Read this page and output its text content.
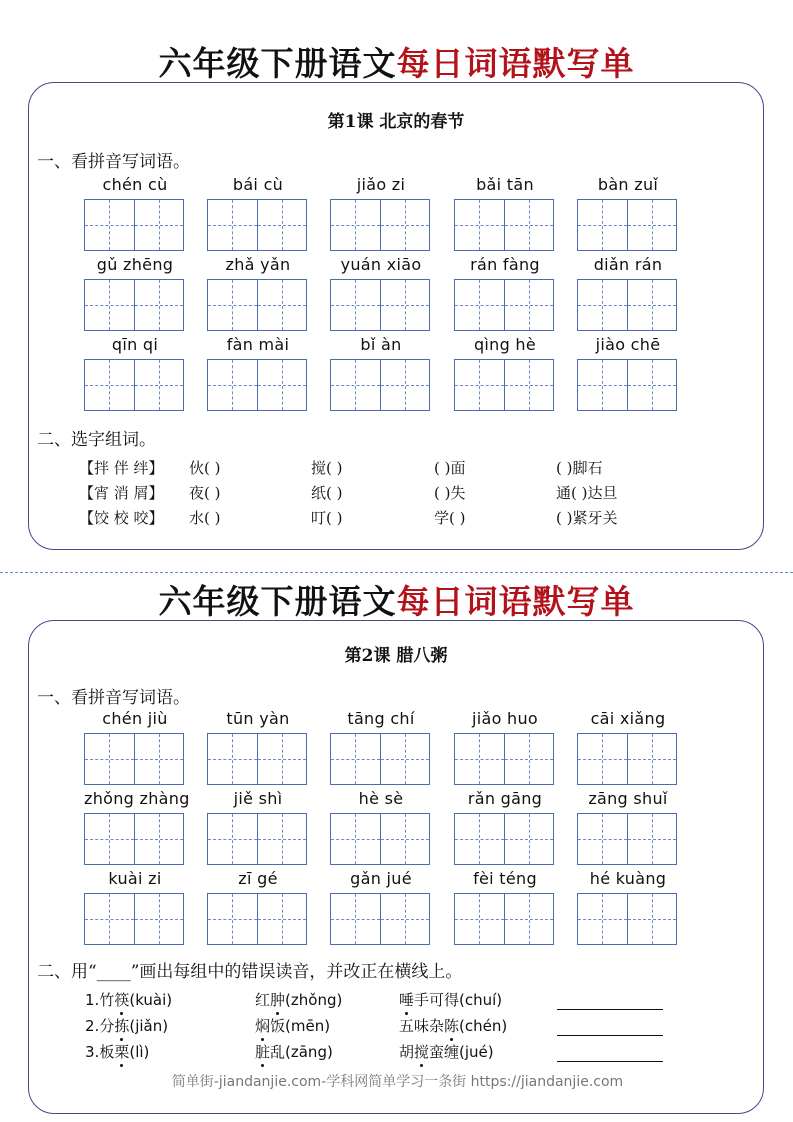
六年级下册语文每日词语默写单
第1课 北京的春节
一、看拼音写词语。
chén cù	bái cù	jiǎo zi	bǎi tān	bàn zuǐ
gǔ zhēng	zhǎ yǎn	yuán xiāo	rán fàng	diǎn rán
qīn qi	fàn mài	bǐ àn	qìng hè	jiào chē
二、选字组词。
【拌 伴 绊】 伙( )	搅( )	( )面	( )脚石
【宵 消 屑】 夜( )	纸( )	( )失	通( )达旦
【饺 校 咬】 水( )	叮( )	学( )	( )紧牙关
六年级下册语文每日词语默写单
第2课 腊八粥
一、看拼音写词语。
chén jiù	tūn yàn	tāng chí	jiǎo huo	cāi xiǎng
zhǒng zhàng	jiě shì	hè sè	rǎn gāng	zāng shuǐ
kuài zi	zī gé	gǎn jué	fèi téng	hé kuàng
二、用“____”画出每组中的错误读音，并改正在横线上。
1.竹筷(kuài)	红肿(zhǒng)	唾手可得(chuí)
2.分拣(jiǎn)	焖饭(mēn)	五味杂陈(chén)
3.板栗(lì)	脏乱(zāng)	胡搅蛮缠(jué)
简单街-jiandanjie.com-学科网简单学习一条街 https://jiandanjie.com
